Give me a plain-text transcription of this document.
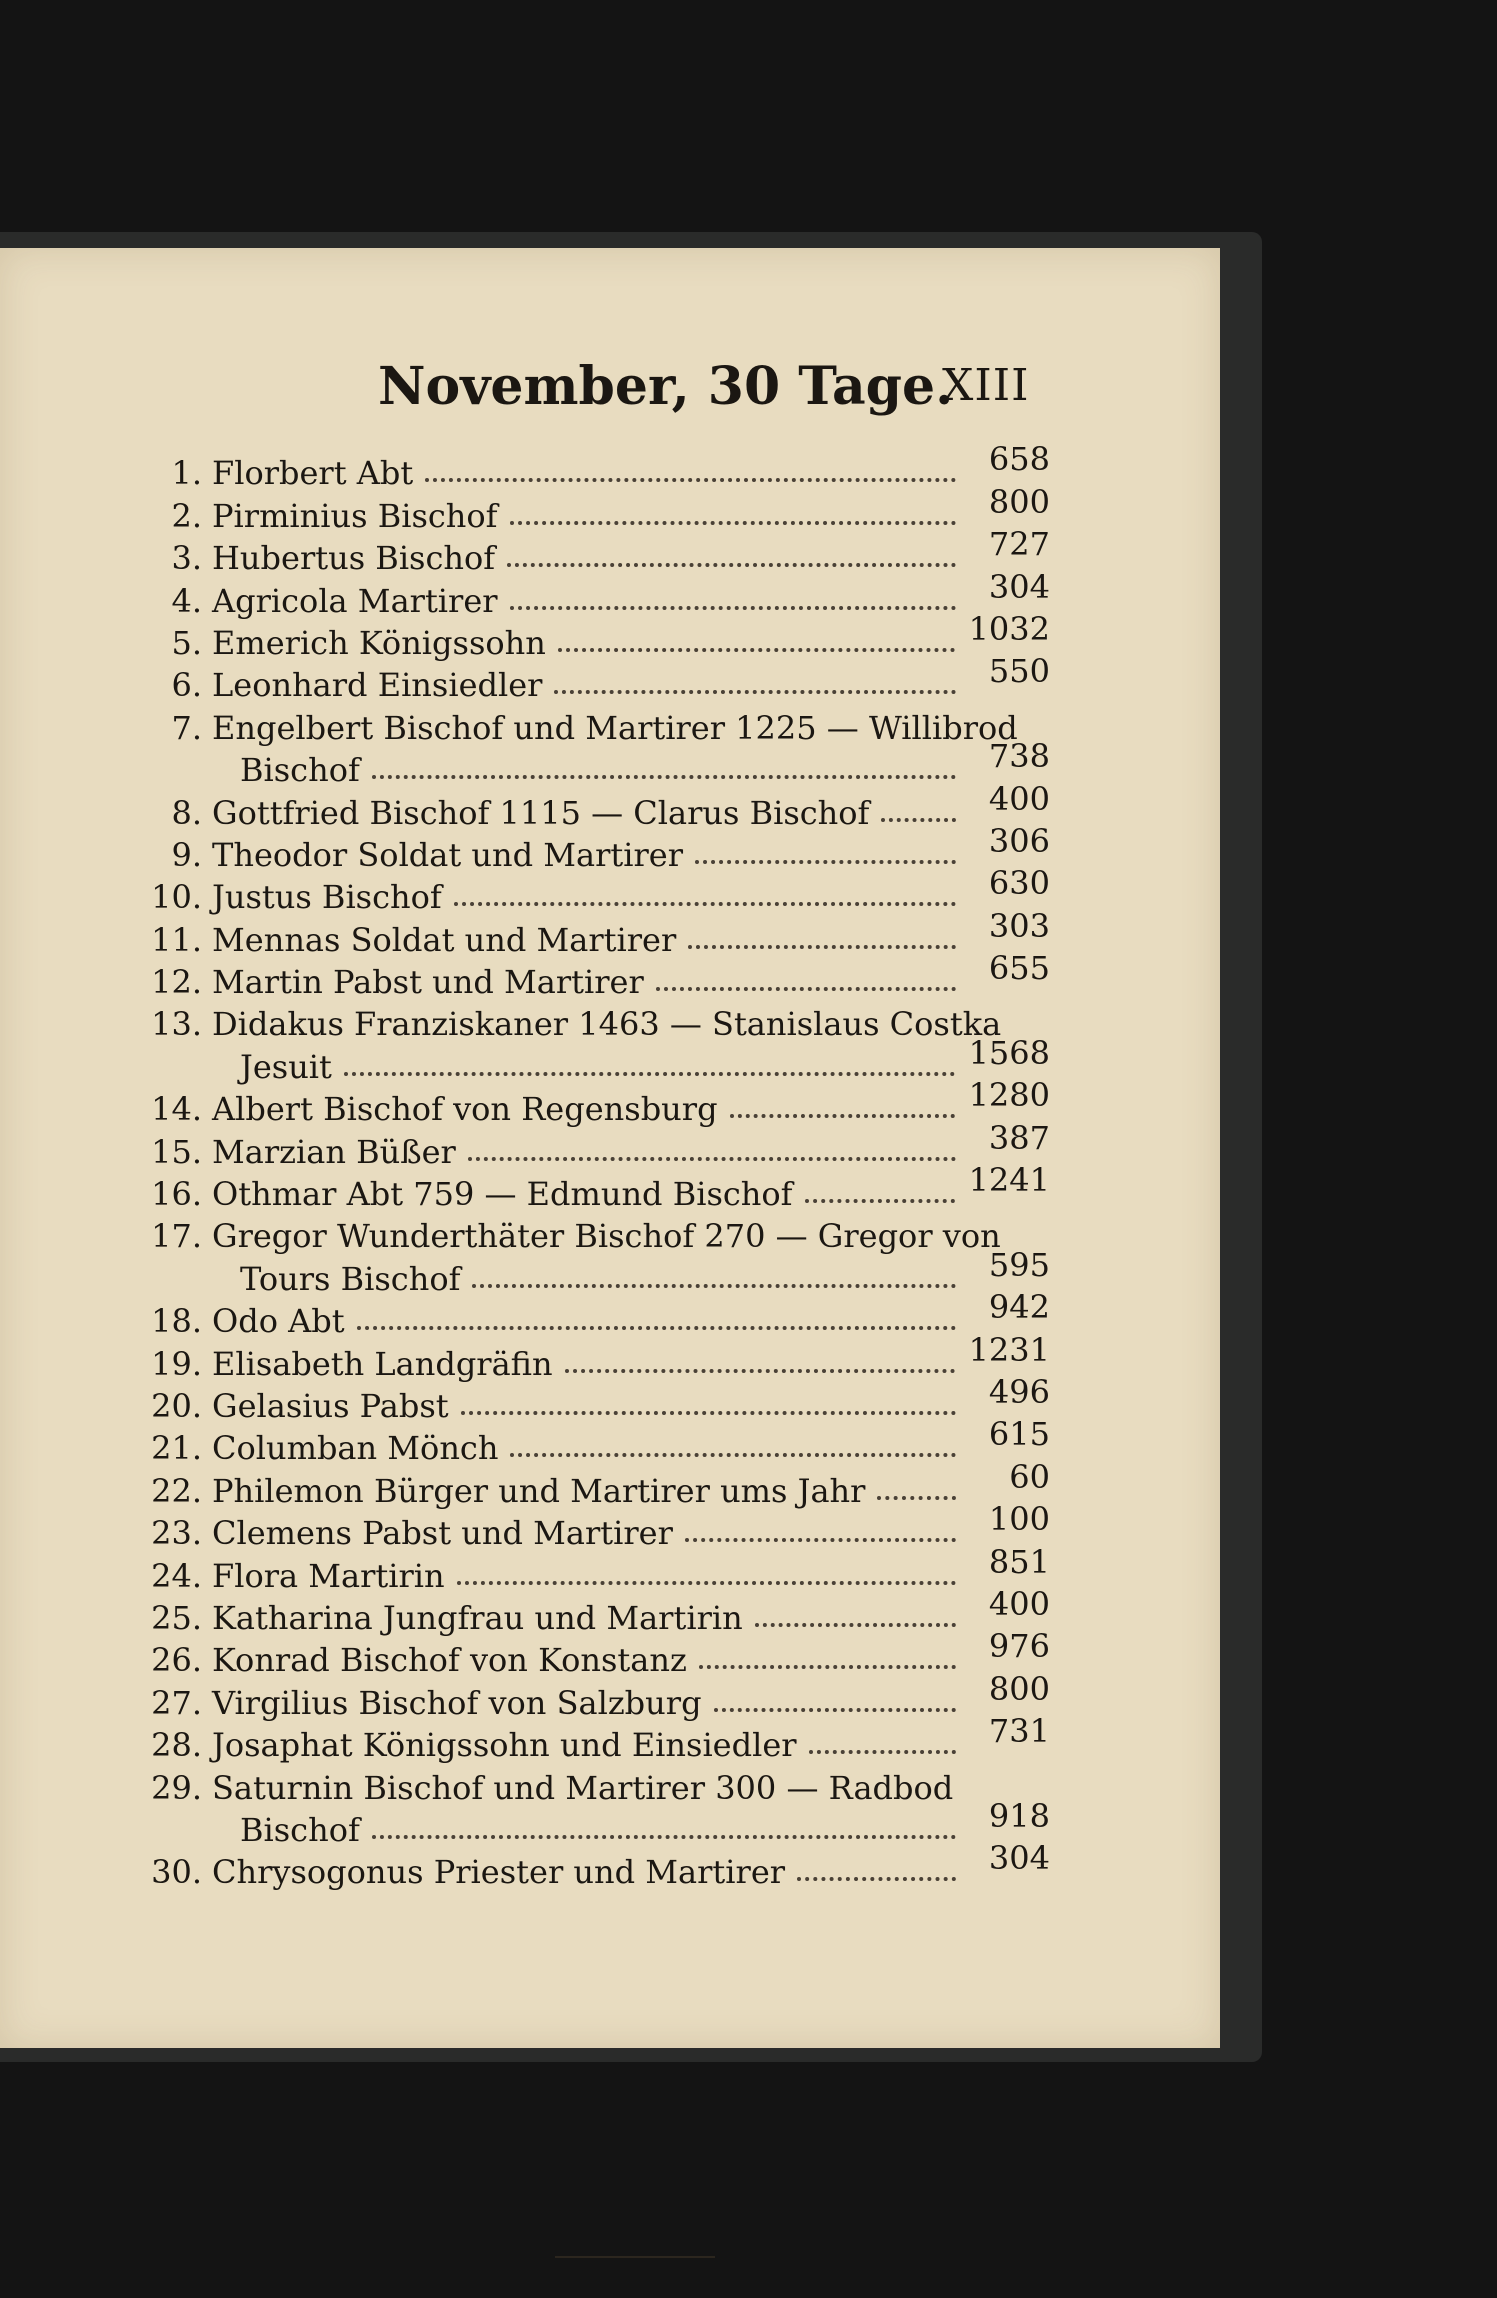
November, 30 Tage.
XIII
1. Florbert Abt	658
2. Pirminius Bischof	800
3. Hubertus Bischof	727
4. Agricola Martirer	304
5. Emerich Königssohn	1032
6. Leonhard Einsiedler	550
7. Engelbert Bischof und Martirer 1225 — Willibrod
Bischof	738
8. Gottfried Bischof 1115 — Clarus Bischof	400
9. Theodor Soldat und Martirer	306
10. Justus Bischof	630
11. Mennas Soldat und Martirer	303
12. Martin Pabst und Martirer	655
13. Didakus Franziskaner 1463 — Stanislaus Costka
Jesuit	1568
14. Albert Bischof von Regensburg	1280
15. Marzian Büßer	387
16. Othmar Abt 759 — Edmund Bischof	1241
17. Gregor Wunderthäter Bischof 270 — Gregor von
Tours Bischof	595
18. Odo Abt	942
19. Elisabeth Landgräfin	1231
20. Gelasius Pabst	496
21. Columban Mönch	615
22. Philemon Bürger und Martirer ums Jahr	60
23. Clemens Pabst und Martirer	100
24. Flora Martirin	851
25. Katharina Jungfrau und Martirin	400
26. Konrad Bischof von Konstanz	976
27. Virgilius Bischof von Salzburg	800
28. Josaphat Königssohn und Einsiedler	731
29. Saturnin Bischof und Martirer 300 — Radbod
Bischof	918
30. Chrysogonus Priester und Martirer	304
